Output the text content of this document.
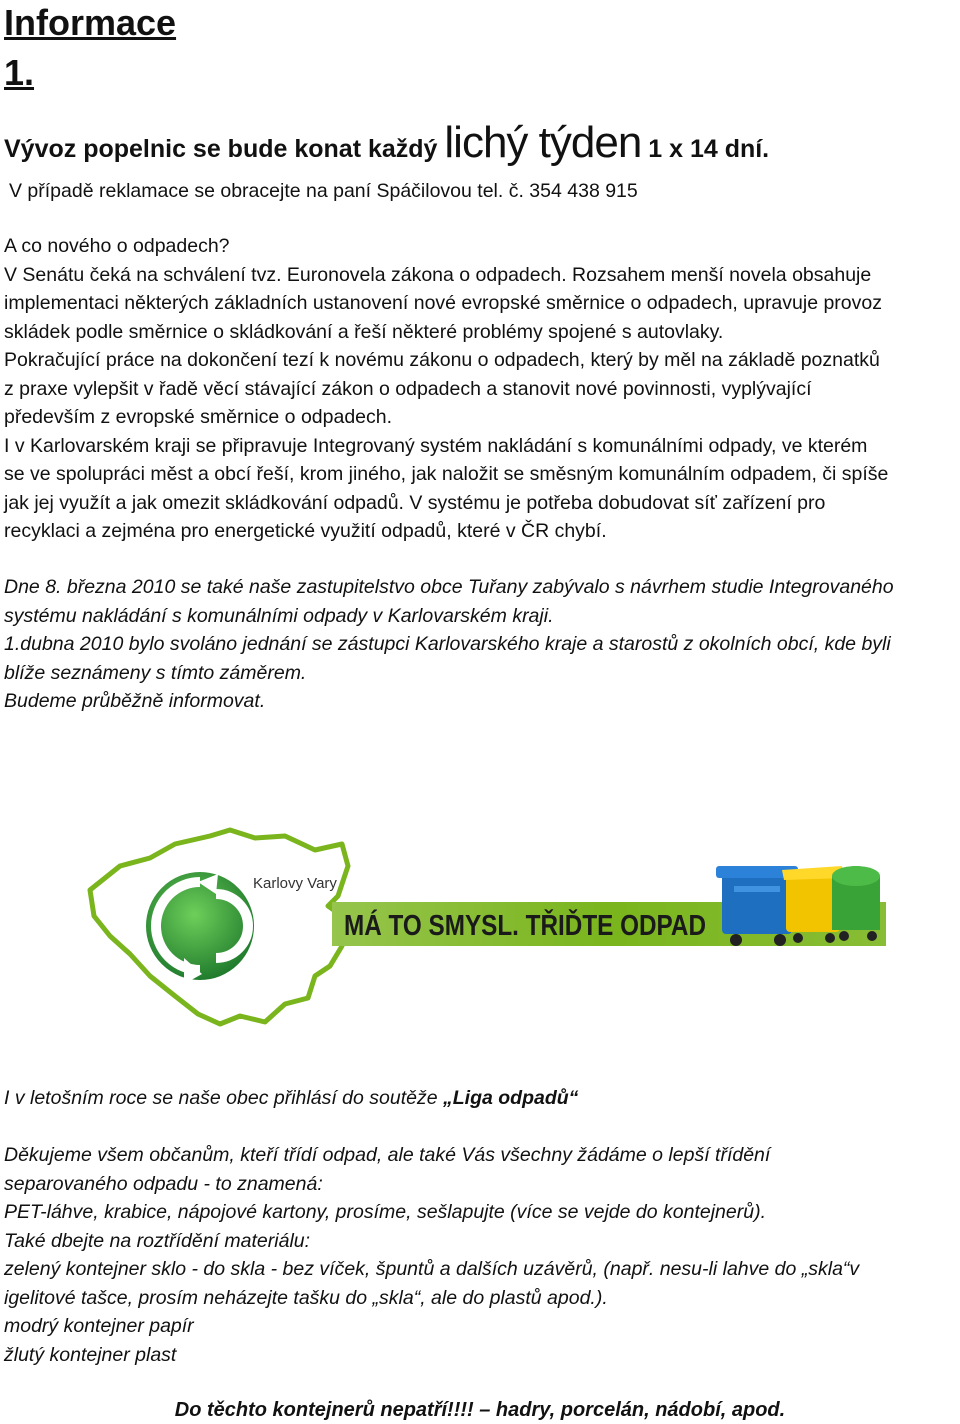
Informace
1.
Vývoz popelnic se bude konat každý lichý týden 1 x 14 dní.
V případě reklamace se obracejte na paní Spáčilovou tel. č. 354 438 915
A co nového o odpadech?
V Senátu čeká na schválení tvz. Euronovela zákona o odpadech. Rozsahem menší novela obsahuje
implementaci některých základních ustanovení nové evropské směrnice o odpadech, upravuje provoz
skládek podle směrnice o skládkování a řeší některé problémy spojené s autovlaky.
Pokračující práce na dokončení tezí k novému zákonu o odpadech, který by měl na základě poznatků
z praxe vylepšit v řadě věcí stávající zákon o odpadech a stanovit nové povinnosti, vyplývající
především z evropské směrnice o odpadech.
I v Karlovarském kraji se připravuje Integrovaný systém nakládání s komunálními odpady, ve kterém
se ve spolupráci měst a obcí řeší, krom jiného, jak naložit se směsným komunálním odpadem, či spíše
jak jej využít a jak omezit skládkování odpadů. V systému je potřeba dobudovat síť zařízení pro
recyklaci a zejména pro energetické využití odpadů, které v ČR chybí.
Dne 8. března 2010 se také naše zastupitelstvo obce Tuřany zabývalo s návrhem studie Integrovaného
systému nakládání s komunálními odpady v Karlovarském kraji.
1.dubna 2010 bylo svoláno jednání se zástupci Karlovarského kraje a starostů z okolních obcí, kde byli
blíže seznámeny s tímto záměrem.
Budeme průběžně informovat.
Karlovy Vary
MÁ TO SMYSL. TŘIĎTE ODPAD
I v letošním roce se naše obec přihlásí do soutěže „Liga odpadů“
Děkujeme všem občanům, kteří třídí odpad, ale také Vás všechny žádáme o lepší třídění
separovaného odpadu - to znamená:
PET-láhve, krabice, nápojové kartony, prosíme, sešlapujte (více se vejde do kontejnerů).
Také dbejte na roztřídění materiálu:
zelený kontejner sklo - do skla - bez víček, špuntů a dalších uzávěrů, (např. nesu-li lahve do „skla“v
igelitové tašce, prosím neházejte tašku do „skla“, ale do plastů apod.).
modrý kontejner papír
žlutý kontejner plast
Do těchto kontejnerů nepatří!!!! – hadry, porcelán, nádobí, apod.
